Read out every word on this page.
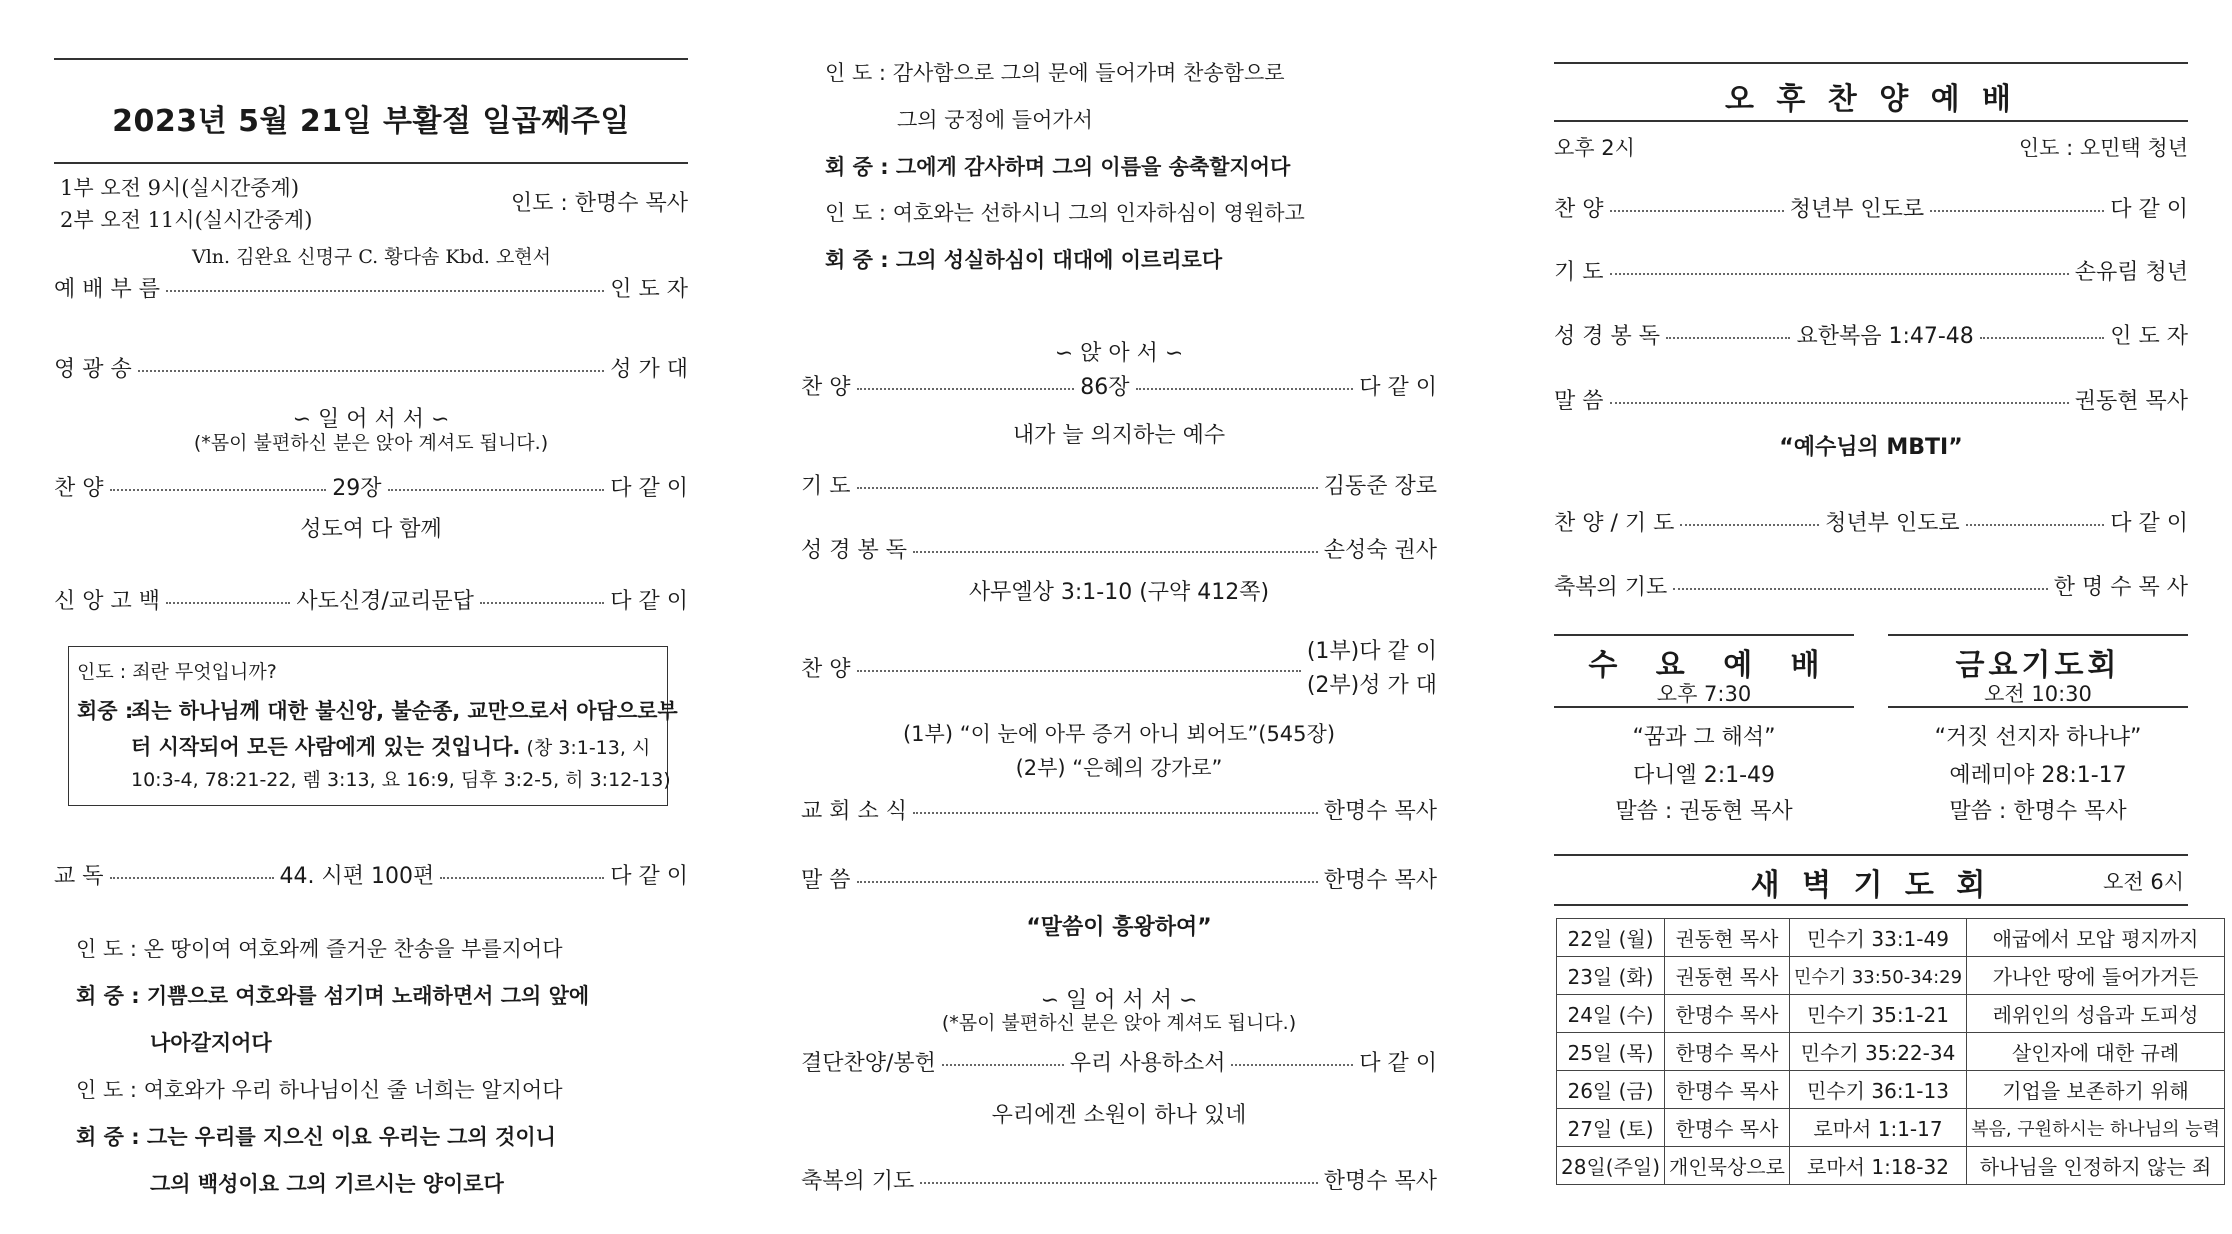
2023년 5월 21일 부활절 일곱째주일
1부 오전 9시(실시간중계)
2부 오전 11시(실시간중계)
인도 : 한명수 목사
Vln. 김완요 신명구 C. 황다솜 Kbd. 오현서
예 배 부 름	인 도 자
영 광 송	성 가 대
∽ 일 어 서 서 ∽
(*몸이 불편하신 분은 앉아 계셔도 됩니다.)
찬 양	29장	다 같 이
성도여 다 함께
신 앙 고 백	사도신경/교리문답	다 같 이
인도 : 죄란 무엇입니까?
회중 :
죄는 하나님께 대한 불신앙, 불순종, 교만으로서 아담으로부
터 시작되어 모든 사람에게 있는 것입니다. (창 3:1-13, 시
10:3-4, 78:21-22, 렘 3:13, 요 16:9, 딤후 3:2-5, 히 3:12-13)
교 독	44. 시편 100편	다 같 이
인 도 : 온 땅이여 여호와께 즐거운 찬송을 부를지어다
회 중 : 기쁨으로 여호와를 섬기며 노래하면서 그의 앞에
나아갈지어다
인 도 : 여호와가 우리 하나님이신 줄 너희는 알지어다
회 중 : 그는 우리를 지으신 이요 우리는 그의 것이니
그의 백성이요 그의 기르시는 양이로다
인 도 : 감사함으로 그의 문에 들어가며 찬송함으로
그의 궁정에 들어가서
회 중 : 그에게 감사하며 그의 이름을 송축할지어다
인 도 : 여호와는 선하시니 그의 인자하심이 영원하고
회 중 : 그의 성실하심이 대대에 이르리로다
∽ 앉 아 서 ∽
찬 양	86장	다 같 이
내가 늘 의지하는 예수
기 도	김동준 장로
성 경 봉 독	손성숙 권사
사무엘상 3:1-10 (구약 412쪽)
찬 양
(1부)다 같 이
(2부)성 가 대
(1부) “이 눈에 아무 증거 아니 뵈어도”(545장)
(2부) “은혜의 강가로”
교 회 소 식	한명수 목사
말 씀	한명수 목사
“말씀이 흥왕하여”
∽ 일 어 서 서 ∽
(*몸이 불편하신 분은 앉아 계셔도 됩니다.)
결단찬양/봉헌	우리 사용하소서	다 같 이
우리에겐 소원이 하나 있네
축복의 기도	한명수 목사
오 후 찬 양 예 배
오후 2시	인도 : 오민택 청년
찬 양	청년부 인도로	다 같 이
기 도	손유림 청년
성 경 봉 독	요한복음 1:47-48	인 도 자
말 씀	권동현 목사
“예수님의 MBTI”
찬 양 / 기 도	청년부 인도로	다 같 이
축복의 기도	한 명 수 목 사
수 요 예 배
오후 7:30
“꿈과 그 해석”
다니엘 2:1-49
말씀 : 권동현 목사
금요기도회
오전 10:30
“거짓 선지자 하나냐”
예레미야 28:1-17
말씀 : 한명수 목사
새 벽 기 도 회	오전 6시
22일 (월)	권동현 목사	민수기 33:1-49	애굽에서 모압 평지까지
23일 (화)	권동현 목사	민수기 33:50-34:29	가나안 땅에 들어가거든
24일 (수)	한명수 목사	민수기 35:1-21	레위인의 성읍과 도피성
25일 (목)	한명수 목사	민수기 35:22-34	살인자에 대한 규례
26일 (금)	한명수 목사	민수기 36:1-13	기업을 보존하기 위해
27일 (토)	한명수 목사	로마서 1:1-17	복음, 구원하시는 하나님의 능력
28일(주일)	개인묵상으로	로마서 1:18-32	하나님을 인정하지 않는 죄
